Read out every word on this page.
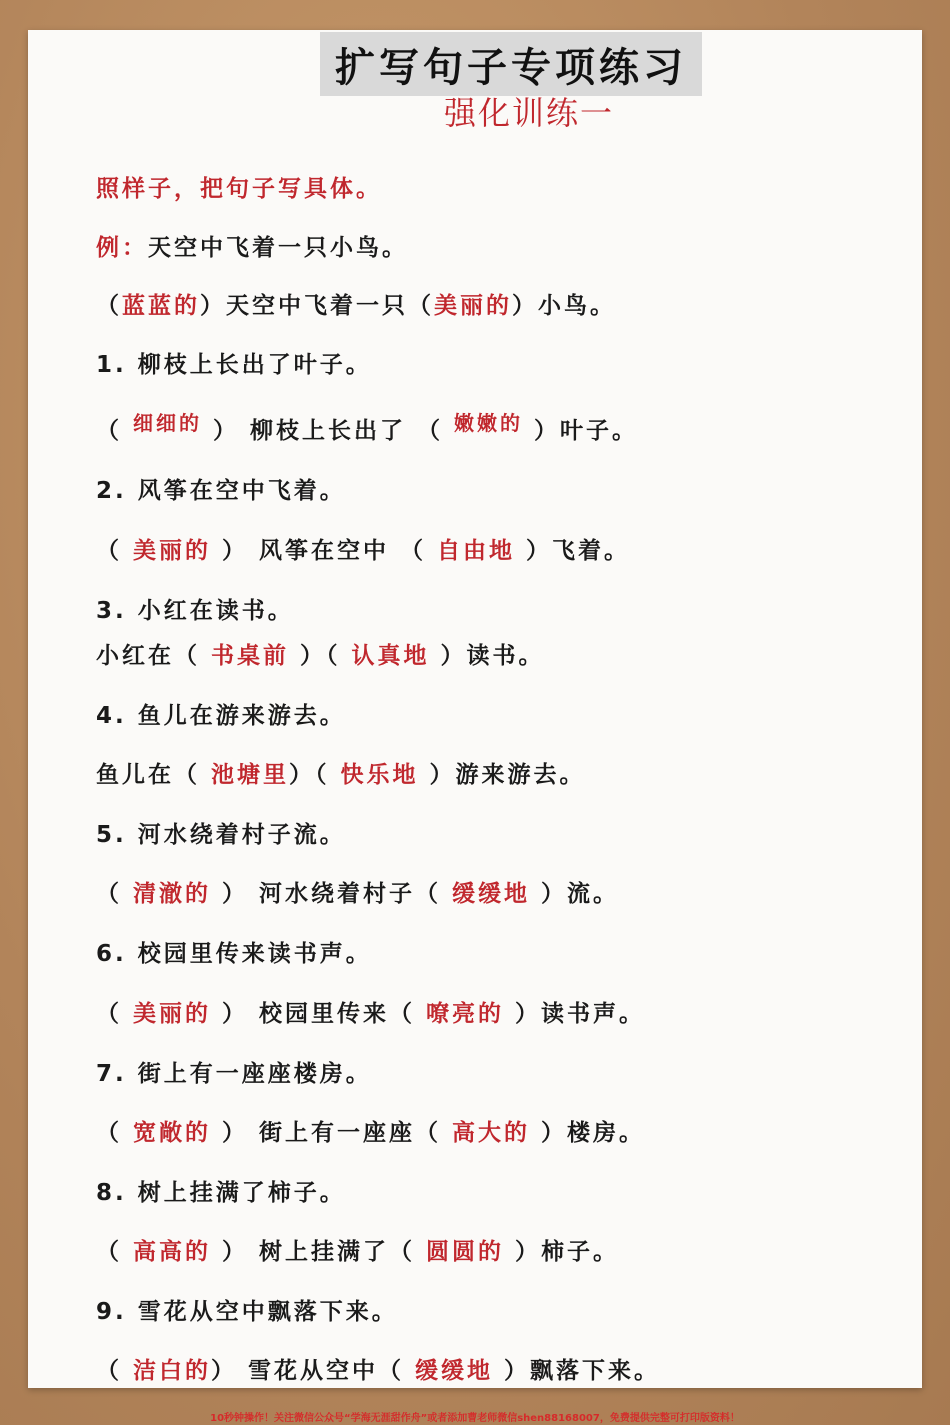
扩写句子专项练习
强化训练一
照样子，把句子写具体。
例：天空中飞着一只小鸟。
（蓝蓝的）天空中飞着一只（美丽的）小鸟。
1. 柳枝上长出了叶子。
（ 细细的 ） 柳枝上长出了 （ 嫩嫩的 ）叶子。
2. 风筝在空中飞着。
（ 美丽的 ） 风筝在空中 （ 自由地 ）飞着。
3. 小红在读书。
小红在（ 书桌前 ）（ 认真地 ）读书。
4. 鱼儿在游来游去。
鱼儿在（ 池塘里）（ 快乐地 ）游来游去。
5. 河水绕着村子流。
（ 清澈的 ） 河水绕着村子（ 缓缓地 ）流。
6. 校园里传来读书声。
（ 美丽的 ） 校园里传来（ 嘹亮的 ）读书声。
7. 街上有一座座楼房。
（ 宽敞的 ） 街上有一座座（ 高大的 ）楼房。
8. 树上挂满了柿子。
（ 高高的 ） 树上挂满了（ 圆圆的 ）柿子。
9. 雪花从空中飘落下来。
（ 洁白的） 雪花从空中（ 缓缓地 ）飘落下来。
10秒钟操作！关注微信公众号“学海无涯甜作舟”或者添加曹老师微信shen88168007，免费提供完整可打印版资料！
